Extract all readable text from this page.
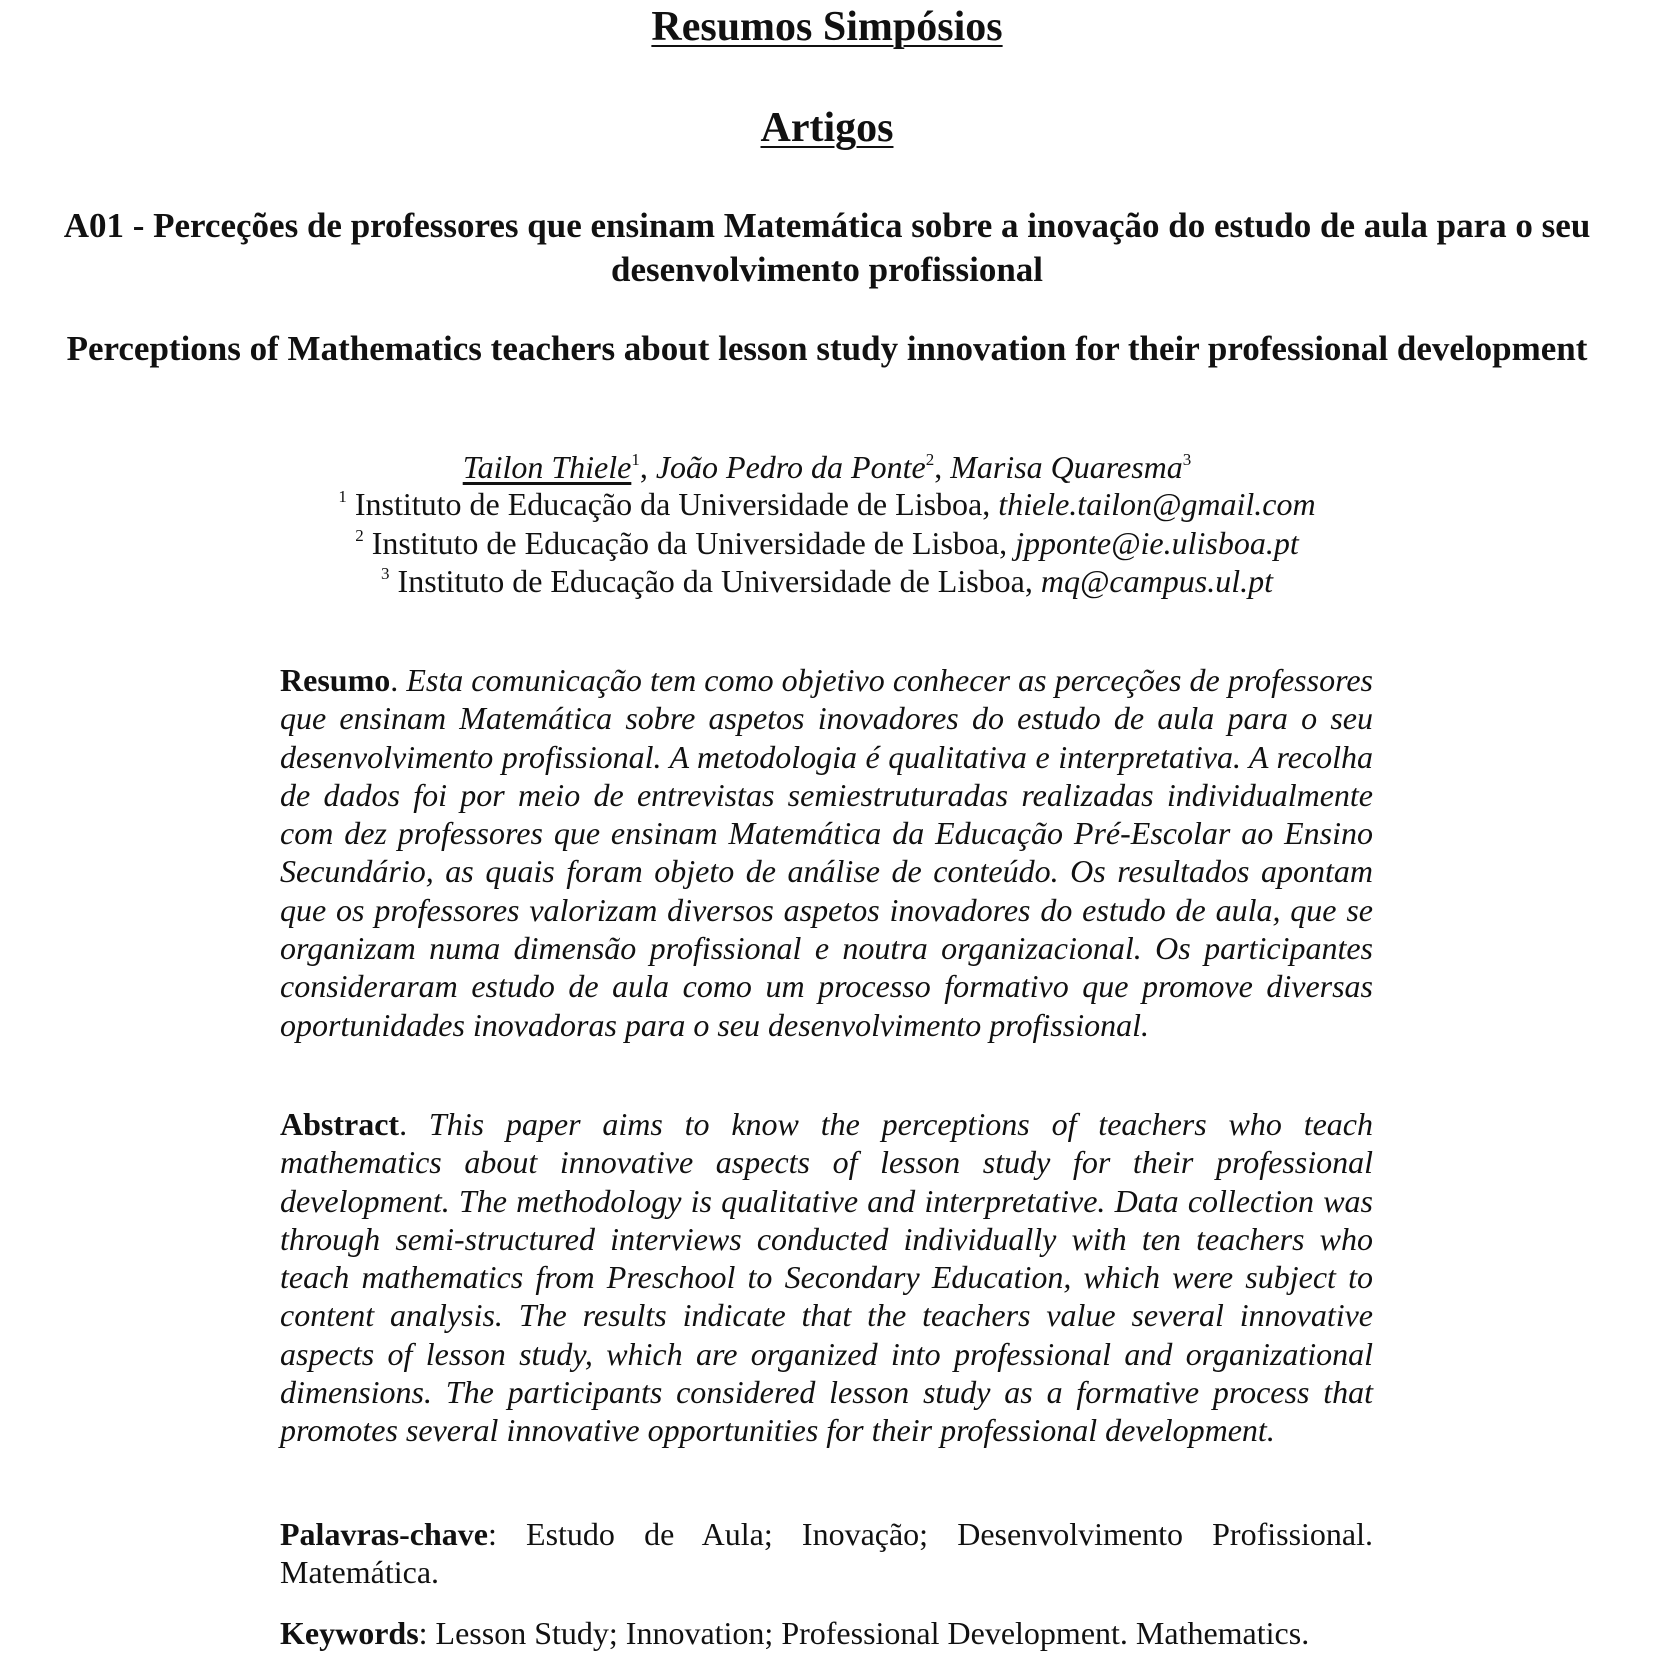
Resumos Simpósios
Artigos
A01 - Perceções de professores que ensinam Matemática sobre a inovação do estudo de aula para o seu desenvolvimento profissional
Perceptions of Mathematics teachers about lesson study innovation for their professional development
Tailon Thiele$^1$, João Pedro da Ponte$^2$, Marisa Quaresma$^3$
$^1$ Instituto de Educação da Universidade de Lisboa, thiele.tailon@gmail.com
$^2$ Instituto de Educação da Universidade de Lisboa, jpponte@ie.ulisboa.pt
$^3$ Instituto de Educação da Universidade de Lisboa, mq@campus.ul.pt

Resumo. Esta comunicação tem como objetivo conhecer as perceções de professores que ensinam Matemática sobre aspetos inovadores do estudo de aula para o seu desenvolvimento profissional. A metodologia é qualitativa e interpretativa. A recolha de dados foi por meio de entrevistas semiestruturadas realizadas individualmente com dez professores que ensinam Matemática da Educação Pré-Escolar ao Ensino Secundário, as quais foram objeto de análise de conteúdo. Os resultados apontam que os professores valorizam diversos aspetos inovadores do estudo de aula, que se organizam numa dimensão profissional e noutra organizacional. Os participantes consideraram estudo de aula como um processo formativo que promove diversas oportunidades inovadoras para o seu desenvolvimento profissional.

Abstract. This paper aims to know the perceptions of teachers who teach mathematics about innovative aspects of lesson study for their professional development. The methodology is qualitative and interpretative. Data collection was through semi-structured interviews conducted individually with ten teachers who teach mathematics from Preschool to Secondary Education, which were subject to content analysis. The results indicate that the teachers value several innovative aspects of lesson study, which are organized into professional and organizational dimensions. The participants considered lesson study as a formative process that promotes several innovative opportunities for their professional development.

Palavras-chave: Estudo de Aula; Inovação; Desenvolvimento Profissional. Matemática.

Keywords: Lesson Study; Innovation; Professional Development. Mathematics.
